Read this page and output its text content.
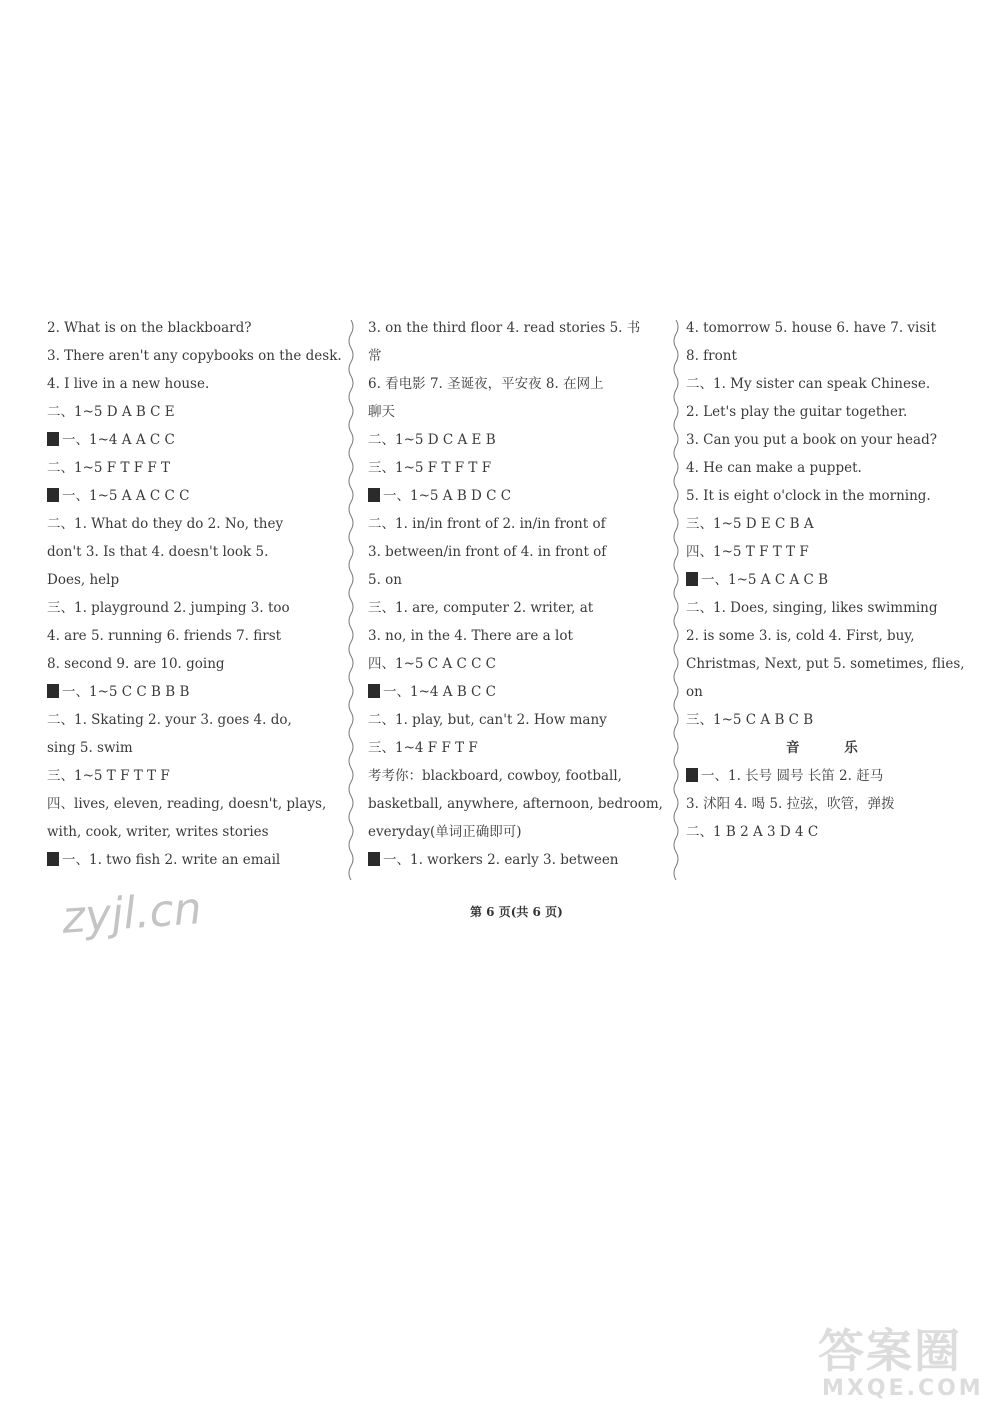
2. What is on the blackboard?
3. There aren't any copybooks on the desk.
4. I live in a new house.
二、1~5 D A B C E
一、1~4 A A C C
二、1~5 F T F F T
一、1~5 A A C C C
二、1. What do they do 2. No, they
don't 3. Is that 4. doesn't look 5.
Does, help
三、1. playground 2. jumping 3. too
4. are 5. running 6. friends 7. first
8. second 9. are 10. going
一、1~5 C C B B B
二、1. Skating 2. your 3. goes 4. do,
sing 5. swim
三、1~5 T F T T F
四、lives, eleven, reading, doesn't, plays,
with, cook, writer, writes stories
一、1. two fish 2. write an email
3. on the third floor 4. read stories 5. 书
常
6. 看电影 7. 圣诞夜，平安夜 8. 在网上
聊天
二、1~5 D C A E B
三、1~5 F T F T F
一、1~5 A B D C C
二、1. in/in front of 2. in/in front of
3. between/in front of 4. in front of
5. on
三、1. are, computer 2. writer, at
3. no, in the 4. There are a lot
四、1~5 C A C C C
一、1~4 A B C C
二、1. play, but, can't 2. How many
三、1~4 F F T F
考考你：blackboard, cowboy, football,
basketball, anywhere, afternoon, bedroom,
everyday(单词正确即可)
一、1. workers 2. early 3. between
4. tomorrow 5. house 6. have 7. visit
8. front
二、1. My sister can speak Chinese.
2. Let's play the guitar together.
3. Can you put a book on your head?
4. He can make a puppet.
5. It is eight o'clock in the morning.
三、1~5 D E C B A
四、1~5 T F T T F
一、1~5 A C A C B
二、1. Does, singing, likes swimming
2. is some 3. is, cold 4. First, buy,
Christmas, Next, put 5. sometimes, flies,
on
三、1~5 C A B C B
音 乐
一、1. 长号 圆号 长笛 2. 赶马
3. 沭阳 4. 喝 5. 拉弦，吹管，弹拨
二、1 B 2 A 3 D 4 C
zyjl.cn	第 6 页(共 6 页)
答案圈
MXQE.COM
